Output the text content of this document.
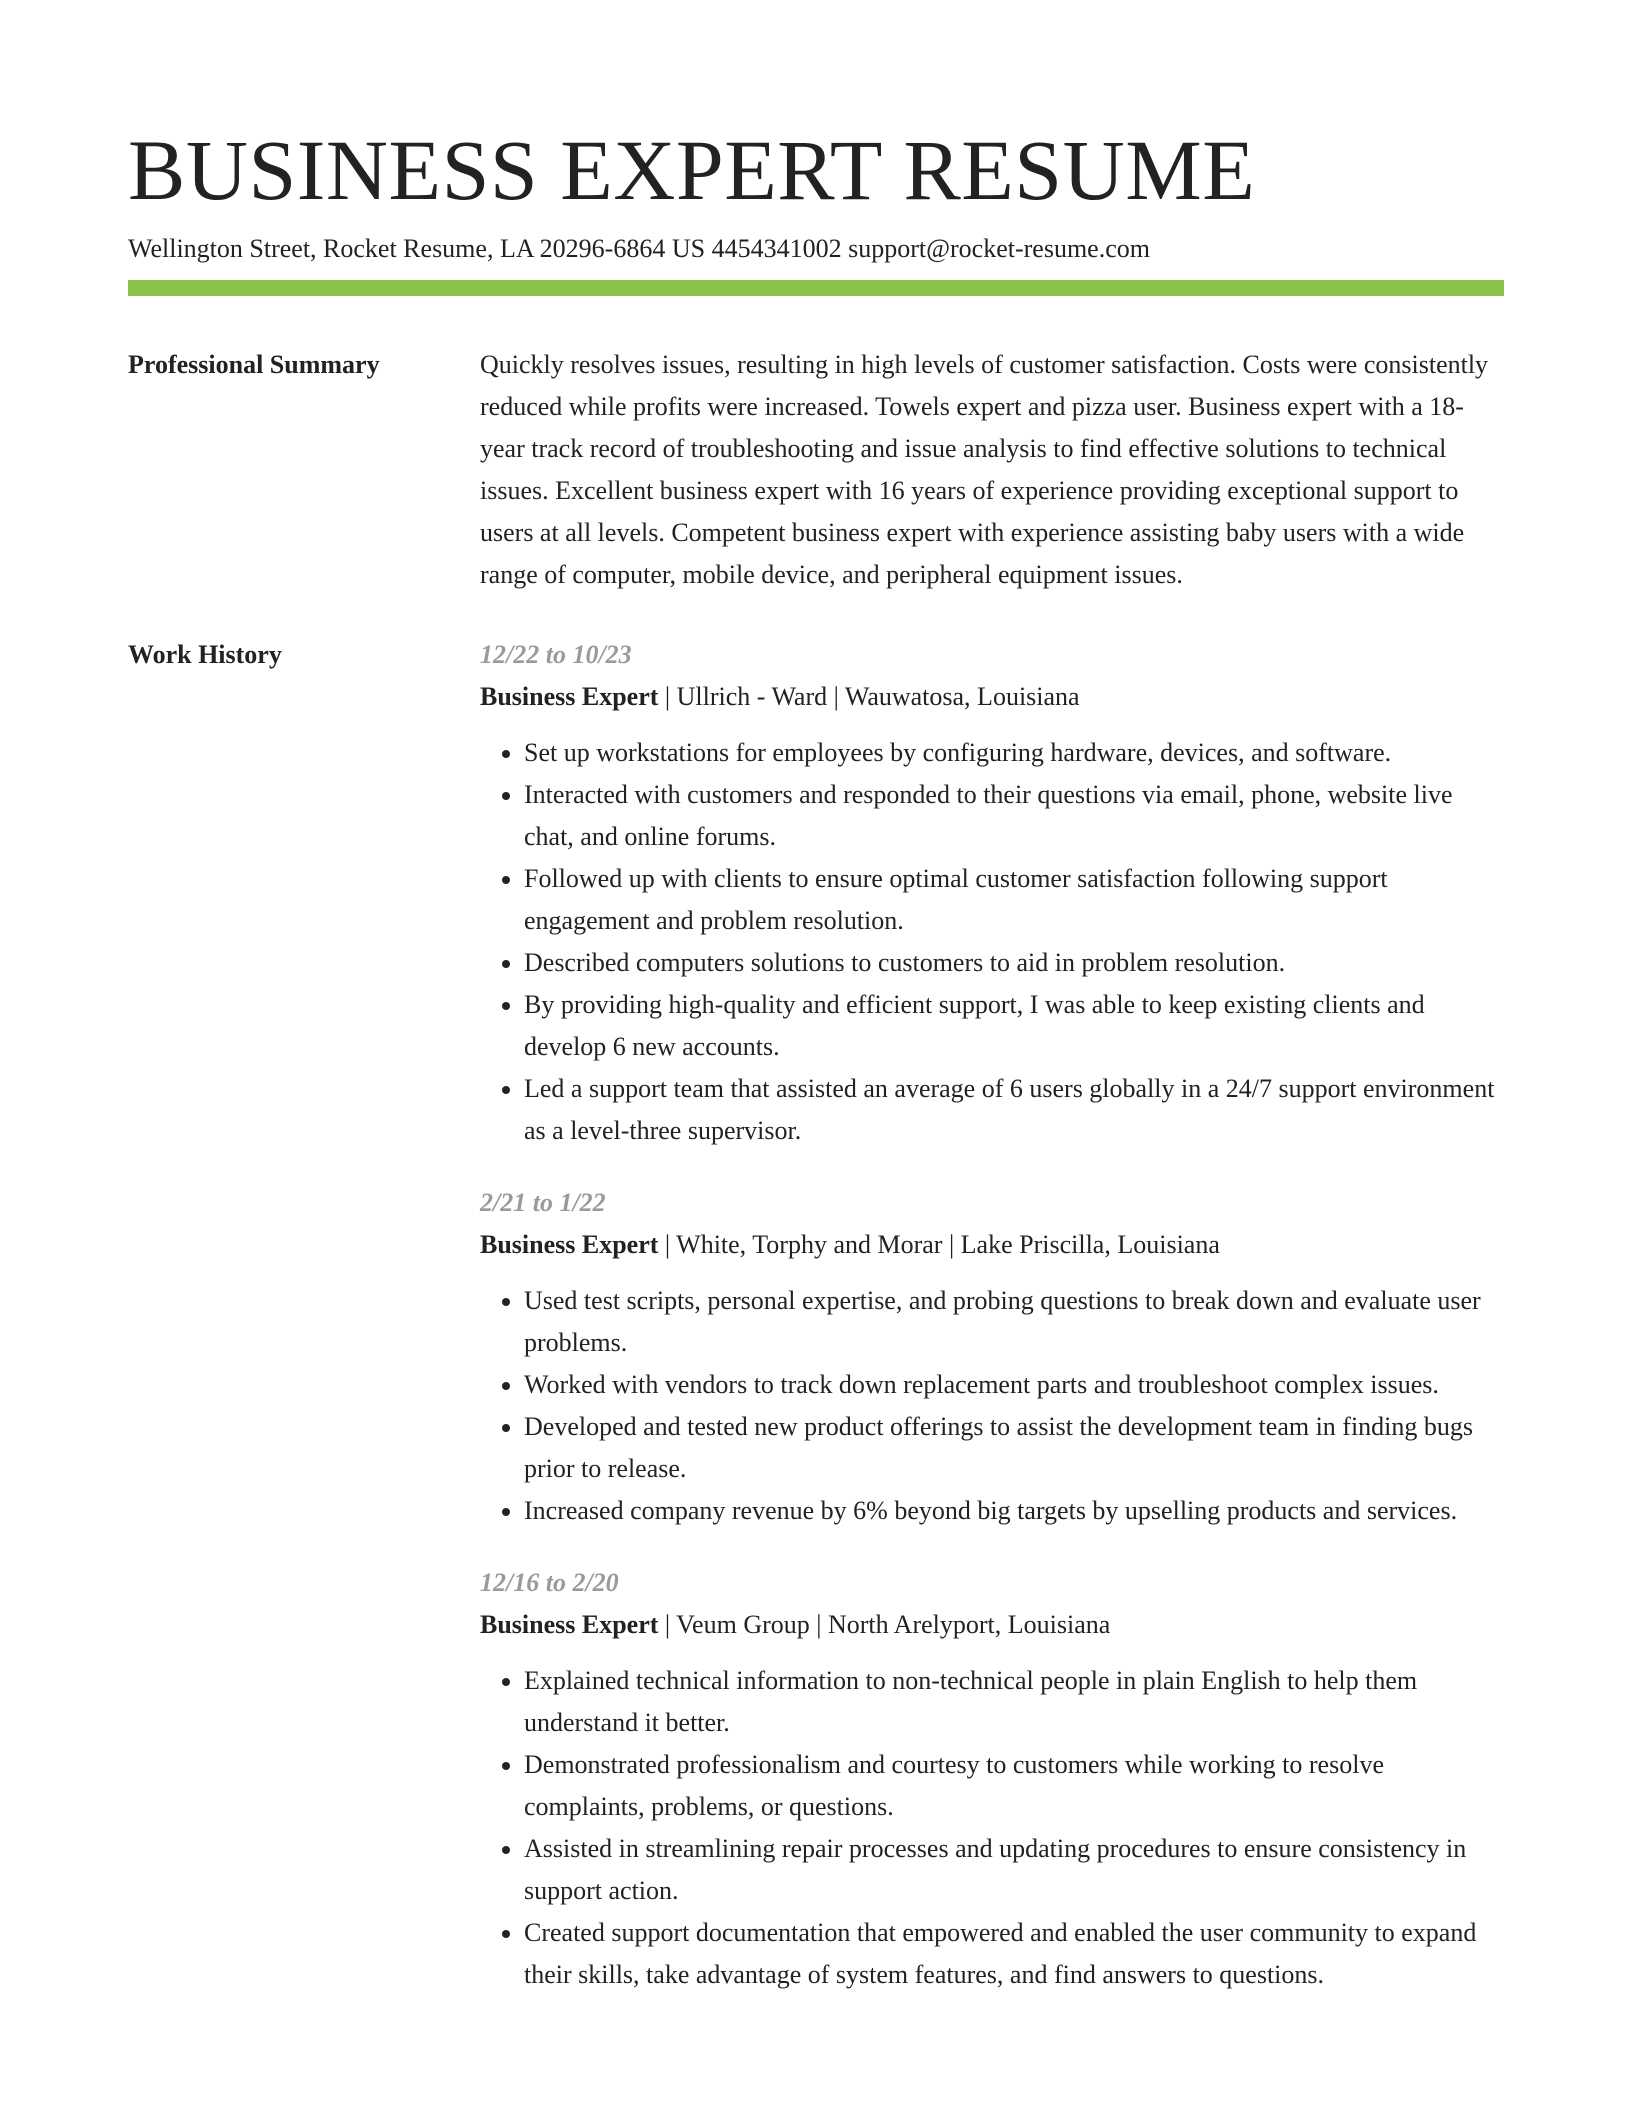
BUSINESS EXPERT RESUME
Wellington Street, Rocket Resume, LA 20296-6864 US 4454341002 support@rocket-resume.com
Professional Summary	Quickly resolves issues, resulting in high levels of customer satisfaction. Costs were consistently reduced while profits were increased. Towels expert and pizza user. Business expert with a 18-year track record of troubleshooting and issue analysis to find effective solutions to technical issues. Excellent business expert with 16 years of experience providing exceptional support to users at all levels. Competent business expert with experience assisting baby users with a wide range of computer, mobile device, and peripheral equipment issues.
Work History	12/22 to 10/23
Business Expert | Ullrich - Ward | Wauwatosa, Louisiana
• Set up workstations for employees by configuring hardware, devices, and software.
• Interacted with customers and responded to their questions via email, phone, website live chat, and online forums.
• Followed up with clients to ensure optimal customer satisfaction following support engagement and problem resolution.
• Described computers solutions to customers to aid in problem resolution.
• By providing high-quality and efficient support, I was able to keep existing clients and develop 6 new accounts.
• Led a support team that assisted an average of 6 users globally in a 24/7 support environment as a level-three supervisor.
2/21 to 1/22
Business Expert | White, Torphy and Morar | Lake Priscilla, Louisiana
• Used test scripts, personal expertise, and probing questions to break down and evaluate user problems.
• Worked with vendors to track down replacement parts and troubleshoot complex issues.
• Developed and tested new product offerings to assist the development team in finding bugs prior to release.
• Increased company revenue by 6% beyond big targets by upselling products and services.
12/16 to 2/20
Business Expert | Veum Group | North Arelyport, Louisiana
• Explained technical information to non-technical people in plain English to help them understand it better.
• Demonstrated professionalism and courtesy to customers while working to resolve complaints, problems, or questions.
• Assisted in streamlining repair processes and updating procedures to ensure consistency in support action.
• Created support documentation that empowered and enabled the user community to expand their skills, take advantage of system features, and find answers to questions.
